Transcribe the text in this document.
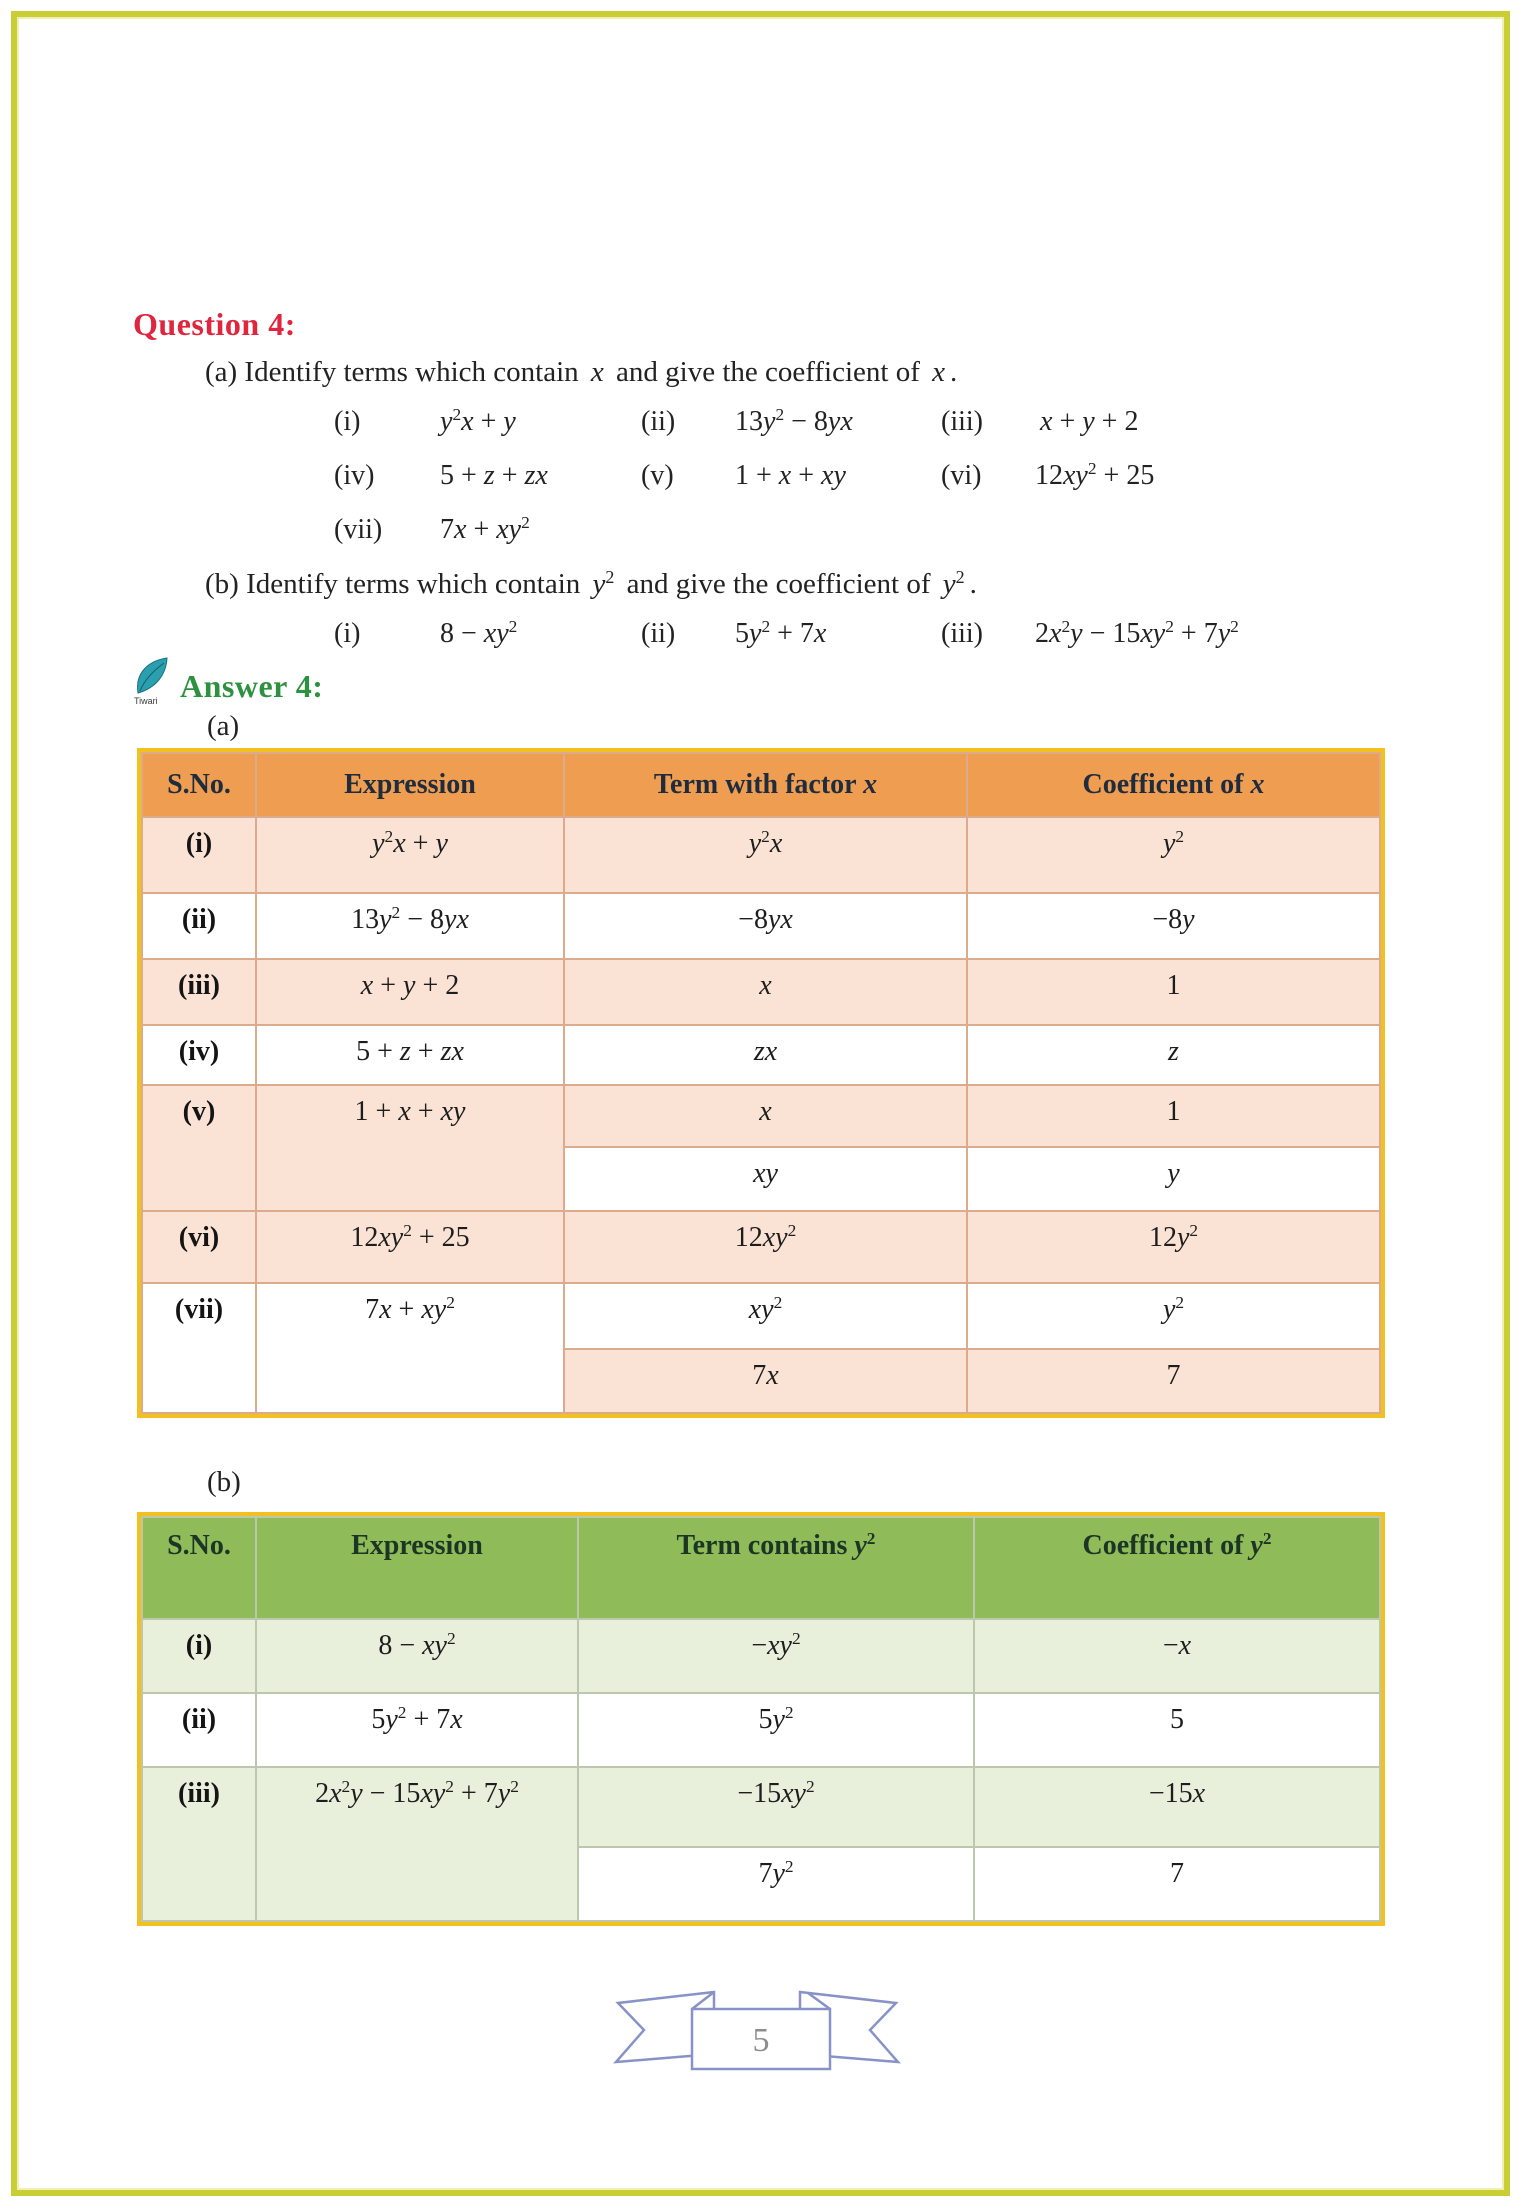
Question 4:
(a) Identify terms which contain x and give the coefficient of x .
(i)	$y^2x + y$	(ii) $13y^2 - 8yx$	(iii) x + y + 2
(iv) 5 + z + zx	(v) 1 + x + xy	(vi) $12xy^2 + 25$
(vii) $7x + xy^2$
(b) Identify terms which contain $y^2$ and give the coefficient of $y^2$ .
(i)	$8 - xy^2$	(ii) $5y^2 + 7x$	(iii) $2x^2y - 15xy^2 + 7y^2$
Tiwari Answer 4:
(a)
S.No.	Expression	Term with factor x	Coefficient of x
(i)	$y^2x + y$	$y^2x$	$y^2$
(ii)	$13y^2 - 8yx$	−8yx	−8y
(iii)	x + y + 2	x	1
(iv)	5 + z + zx	zx	z
(v)	1 + x + xy	x	1
		xy	y
(vi)	$12xy^2 + 25$	$12xy^2$	$12y^2$
(vii)	$7x + xy^2$	$xy^2$	$y^2$
		7x	7
(b)
S.No.	Expression	Term contains $y^2$	Coefficient of $y^2$
(i)	$8 - xy^2$	$-xy^2$	−x
(ii)	$5y^2 + 7x$	$5y^2$	5
(iii)	$2x^2y - 15xy^2 + 7y^2$	$-15xy^2$	−15x
		$7y^2$	7
5
